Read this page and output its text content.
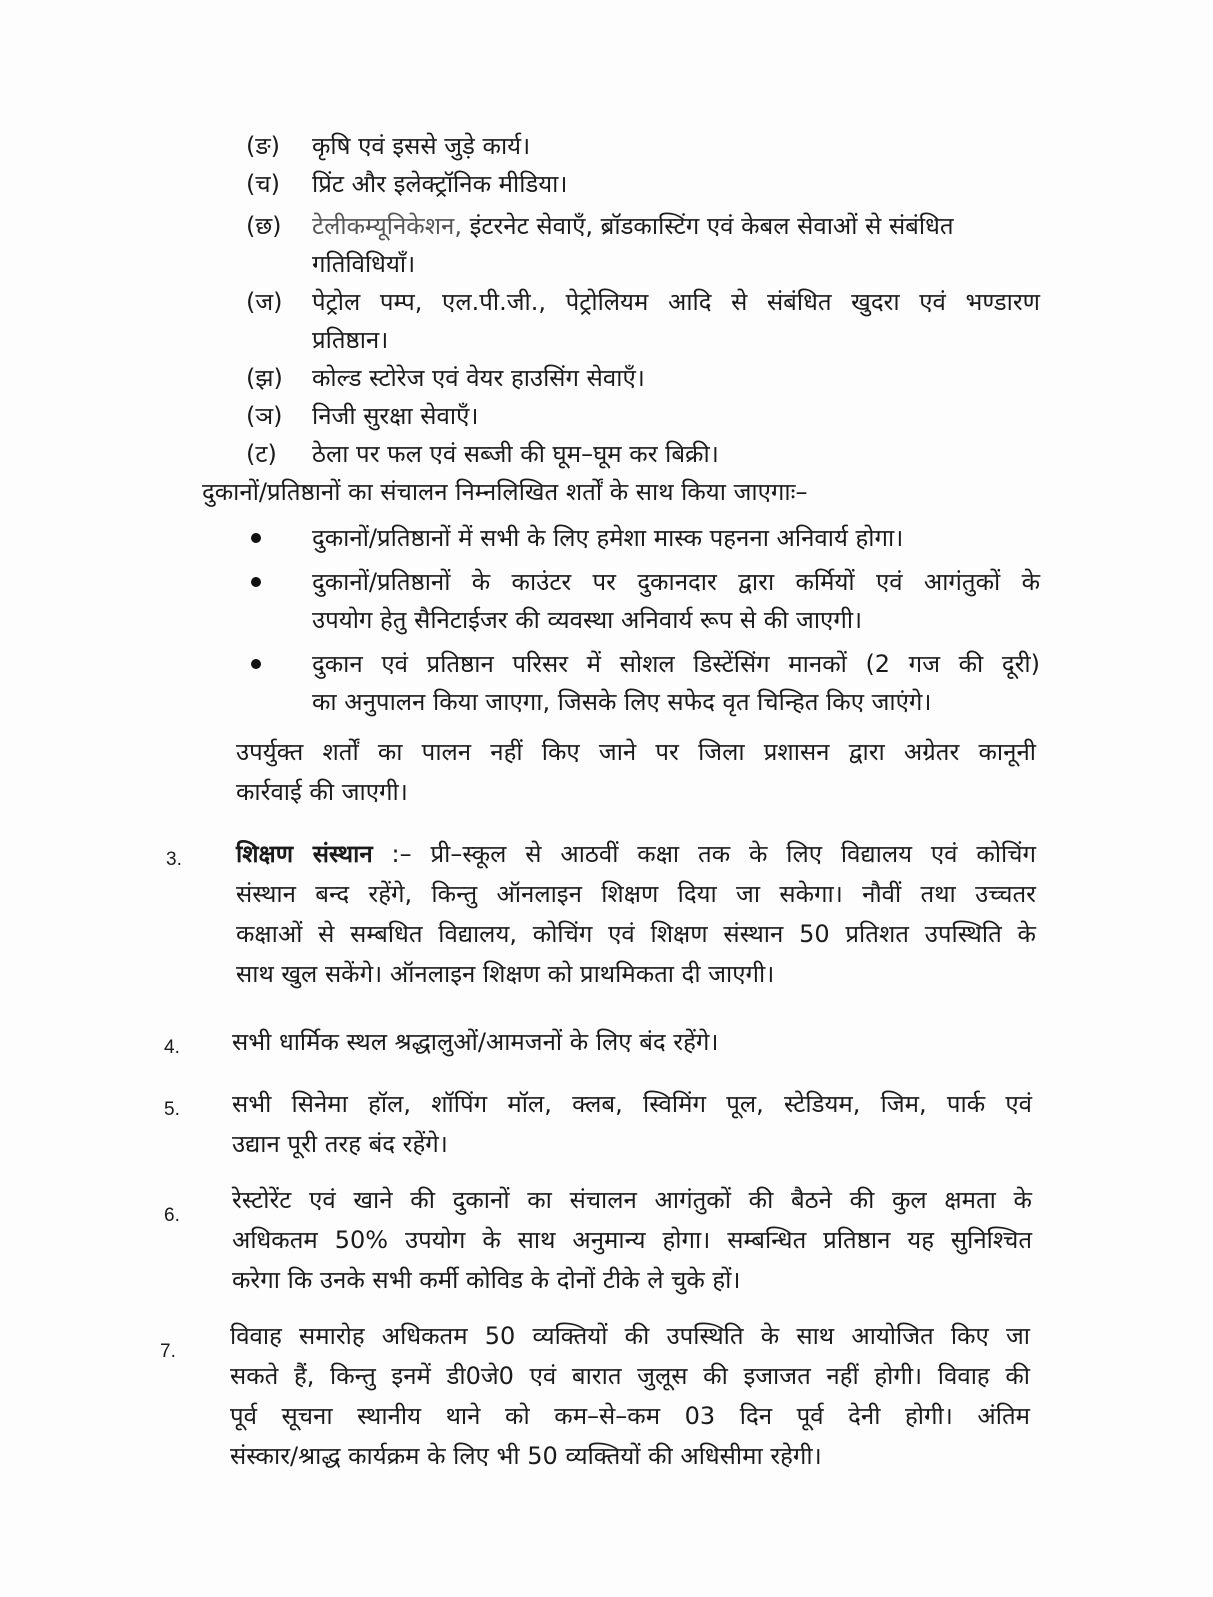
(ङ) कृषि एवं इससे जुड़े कार्य।
(च) प्रिंट और इलेक्ट्रॉनिक मीडिया।
(छ) टेलीकम्यूनिकेशन, इंटरनेट सेवाएँ, ब्रॉडकास्टिंग एवं केबल सेवाओं से संबंधित
गतिविधियाँ।
(ज) पेट्रोल पम्प, एल.पी.जी., पेट्रोलियम आदि से संबंधित खुदरा एवं भण्डारण
प्रतिष्ठान।
(झ) कोल्ड स्टोरेज एवं वेयर हाउसिंग सेवाएँ।
(ञ) निजी सुरक्षा सेवाएँ।
(ट) ठेला पर फल एवं सब्जी की घूम–घूम कर बिक्री।
दुकानों/प्रतिष्ठानों का संचालन निम्नलिखित शर्तों के साथ किया जाएगाः–
दुकानों/प्रतिष्ठानों में सभी के लिए हमेशा मास्क पहनना अनिवार्य होगा।
दुकानों/प्रतिष्ठानों के काउंटर पर दुकानदार द्वारा कर्मियों एवं आगंतुकों के
उपयोग हेतु सैनिटाईजर की व्यवस्था अनिवार्य रूप से की जाएगी।
दुकान एवं प्रतिष्ठान परिसर में सोशल डिस्टेंसिंग मानकों (2 गज की दूरी)
का अनुपालन किया जाएगा, जिसके लिए सफेद वृत चिन्हित किए जाएंगे।
उपर्युक्त शर्तों का पालन नहीं किए जाने पर जिला प्रशासन द्वारा अग्रेतर कानूनी
कार्रवाई की जाएगी।
3. शिक्षण संस्थान :– प्री–स्कूल से आठवीं कक्षा तक के लिए विद्यालय एवं कोचिंग
संस्थान बन्द रहेंगे, किन्तु ऑनलाइन शिक्षण दिया जा सकेगा। नौवीं तथा उच्चतर
कक्षाओं से सम्बधित विद्यालय, कोचिंग एवं शिक्षण संस्थान 50 प्रतिशत उपस्थिति के
साथ खुल सकेंगे। ऑनलाइन शिक्षण को प्राथमिकता दी जाएगी।
4. सभी धार्मिक स्थल श्रद्धालुओं/आमजनों के लिए बंद रहेंगे।
5. सभी सिनेमा हॉल, शॉपिंग मॉल, क्लब, स्विमिंग पूल, स्टेडियम, जिम, पार्क एवं
उद्यान पूरी तरह बंद रहेंगे।
6.
रेस्टोरेंट एवं खाने की दुकानों का संचालन आगंतुकों की बैठने की कुल क्षमता के
अधिकतम 50% उपयोग के साथ अनुमान्य होगा। सम्बन्धित प्रतिष्ठान यह सुनिश्चित
करेगा कि उनके सभी कर्मी कोविड के दोनों टीके ले चुके हों।
7.
विवाह समारोह अधिकतम 50 व्यक्तियों की उपस्थिति के साथ आयोजित किए जा
सकते हैं, किन्तु इनमें डी0जे0 एवं बारात जुलूस की इजाजत नहीं होगी। विवाह की
पूर्व सूचना स्थानीय थाने को कम–से–कम 03 दिन पूर्व देनी होगी। अंतिम
संस्कार/श्राद्ध कार्यक्रम के लिए भी 50 व्यक्तियों की अधिसीमा रहेगी।
